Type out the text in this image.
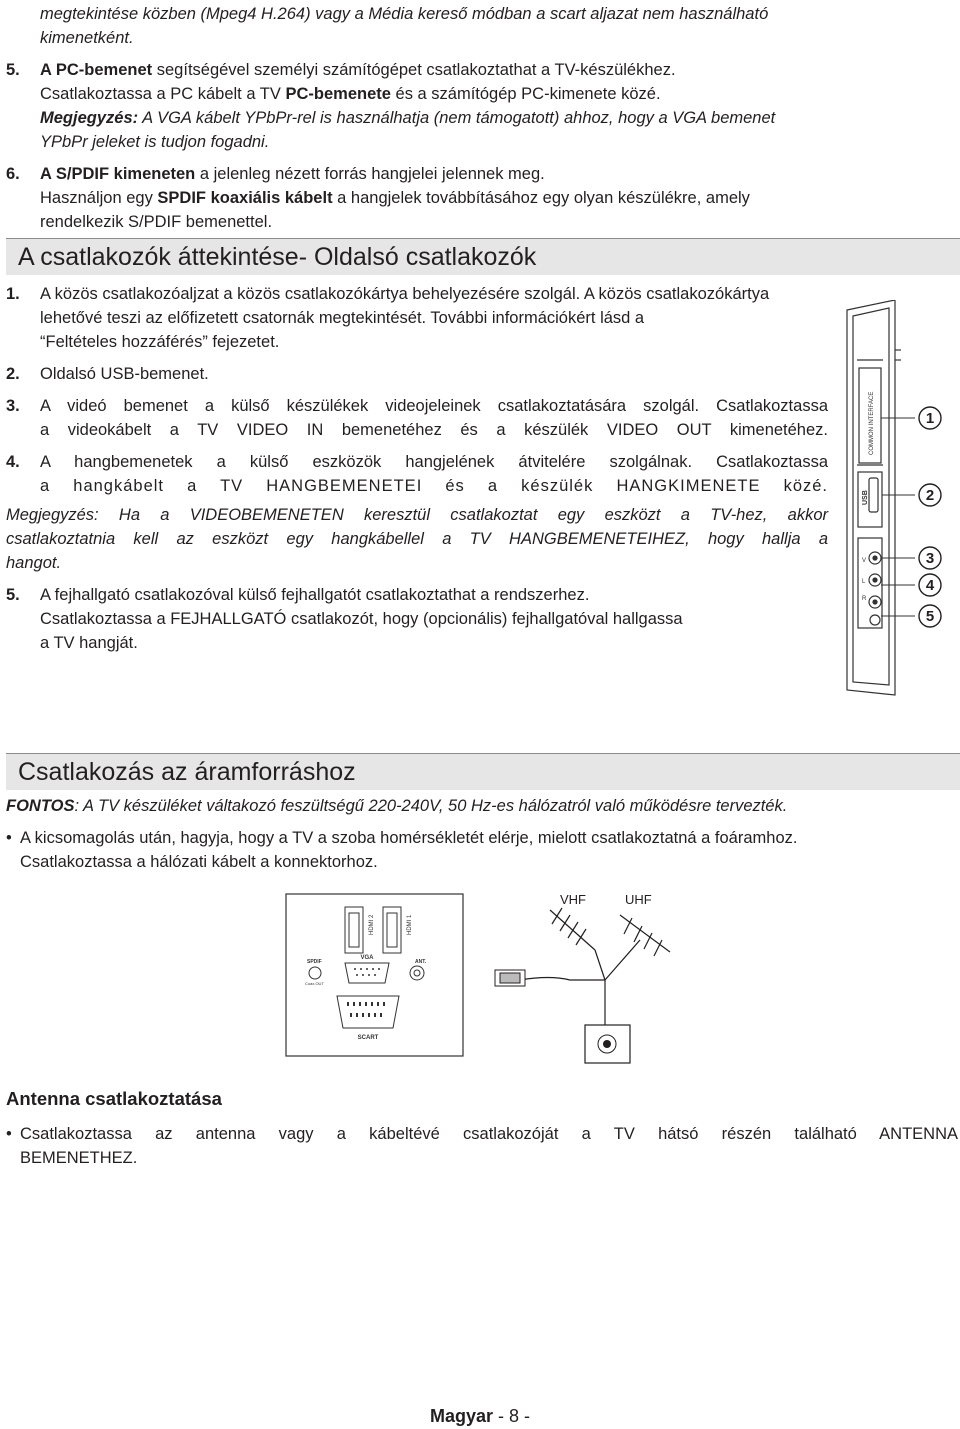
megtekintése közben (Mpeg4 H.264) vagy a Média kereső módban a scart aljazat nem használható
kimenetként.
5. A PC-bemenet segítségével személyi számítógépet csatlakoztathat a TV-készülékhez.
Csatlakoztassa a PC kábelt a TV PC-bemenete és a számítógép PC-kimenete közé.
Megjegyzés: A VGA kábelt YPbPr-rel is használhatja (nem támogatott) ahhoz, hogy a VGA bemenet
YPbPr jeleket is tudjon fogadni.
6. A S/PDIF kimeneten a jelenleg nézett forrás hangjelei jelennek meg.
Használjon egy SPDIF koaxiális kábelt a hangjelek továbbításához egy olyan készülékre, amely
rendelkezik S/PDIF bemenettel.
A csatlakozók áttekintése- Oldalsó csatlakozók
1. A közös csatlakozóaljzat a közös csatlakozókártya behelyezésére szolgál. A közös csatlakozókártya
lehetővé teszi az előfizetett csatornák megtekintését. További információkért lásd a
“Feltételes hozzáférés” fejezetet.
2. Oldalsó USB-bemenet.
3. A videó bemenet a külső készülékek videojeleinek csatlakoztatására szolgál. Csatlakoztassa
a videokábelt a TV VIDEO IN bemenetéhez és a készülék VIDEO OUT kimenetéhez.
4. A hangbemenetek a külső eszközök hangjelének átvitelére szolgálnak. Csatlakoztassa
a hangkábelt a TV HANGBEMENETEI és a készülék HANGKIMENETE közé.
Megjegyzés: Ha a VIDEOBEMENETEN keresztül csatlakoztat egy eszközt a TV-hez, akkor
csatlakoztatnia kell az eszközt egy hangkábellel a TV HANGBEMENETEIHEZ, hogy hallja a
hangot.
5. A fejhallgató csatlakozóval külső fejhallgatót csatlakoztathat a rendszerhez.
Csatlakoztassa a FEJHALLGATÓ csatlakozót, hogy (opcionális) fejhallgatóval hallgassa
a TV hangját.
COMMON INTERFACE
USB
R
L
V
1
2
3
4
5
Csatlakozás az áramforráshoz
FONTOS: A TV készüléket váltakozó feszültségű 220-240V, 50 Hz-es hálózatról való működésre tervezték.
• A kicsomagolás után, hagyja, hogy a TV a szoba homérsékletét elérje, mielott csatlakoztatná a foáramhoz.
Csatlakoztassa a hálózati kábelt a konnektorhoz.
HDMI 2	HDMI 1
VGA
SPDIF
Coax.OUT
ANT.
SCART
VHF	UHF
Antenna csatlakoztatása
• Csatlakoztassa az antenna vagy a kábeltévé csatlakozóját a TV hátsó részén található ANTENNA
BEMENETHEZ.
Magyar - 8 -
